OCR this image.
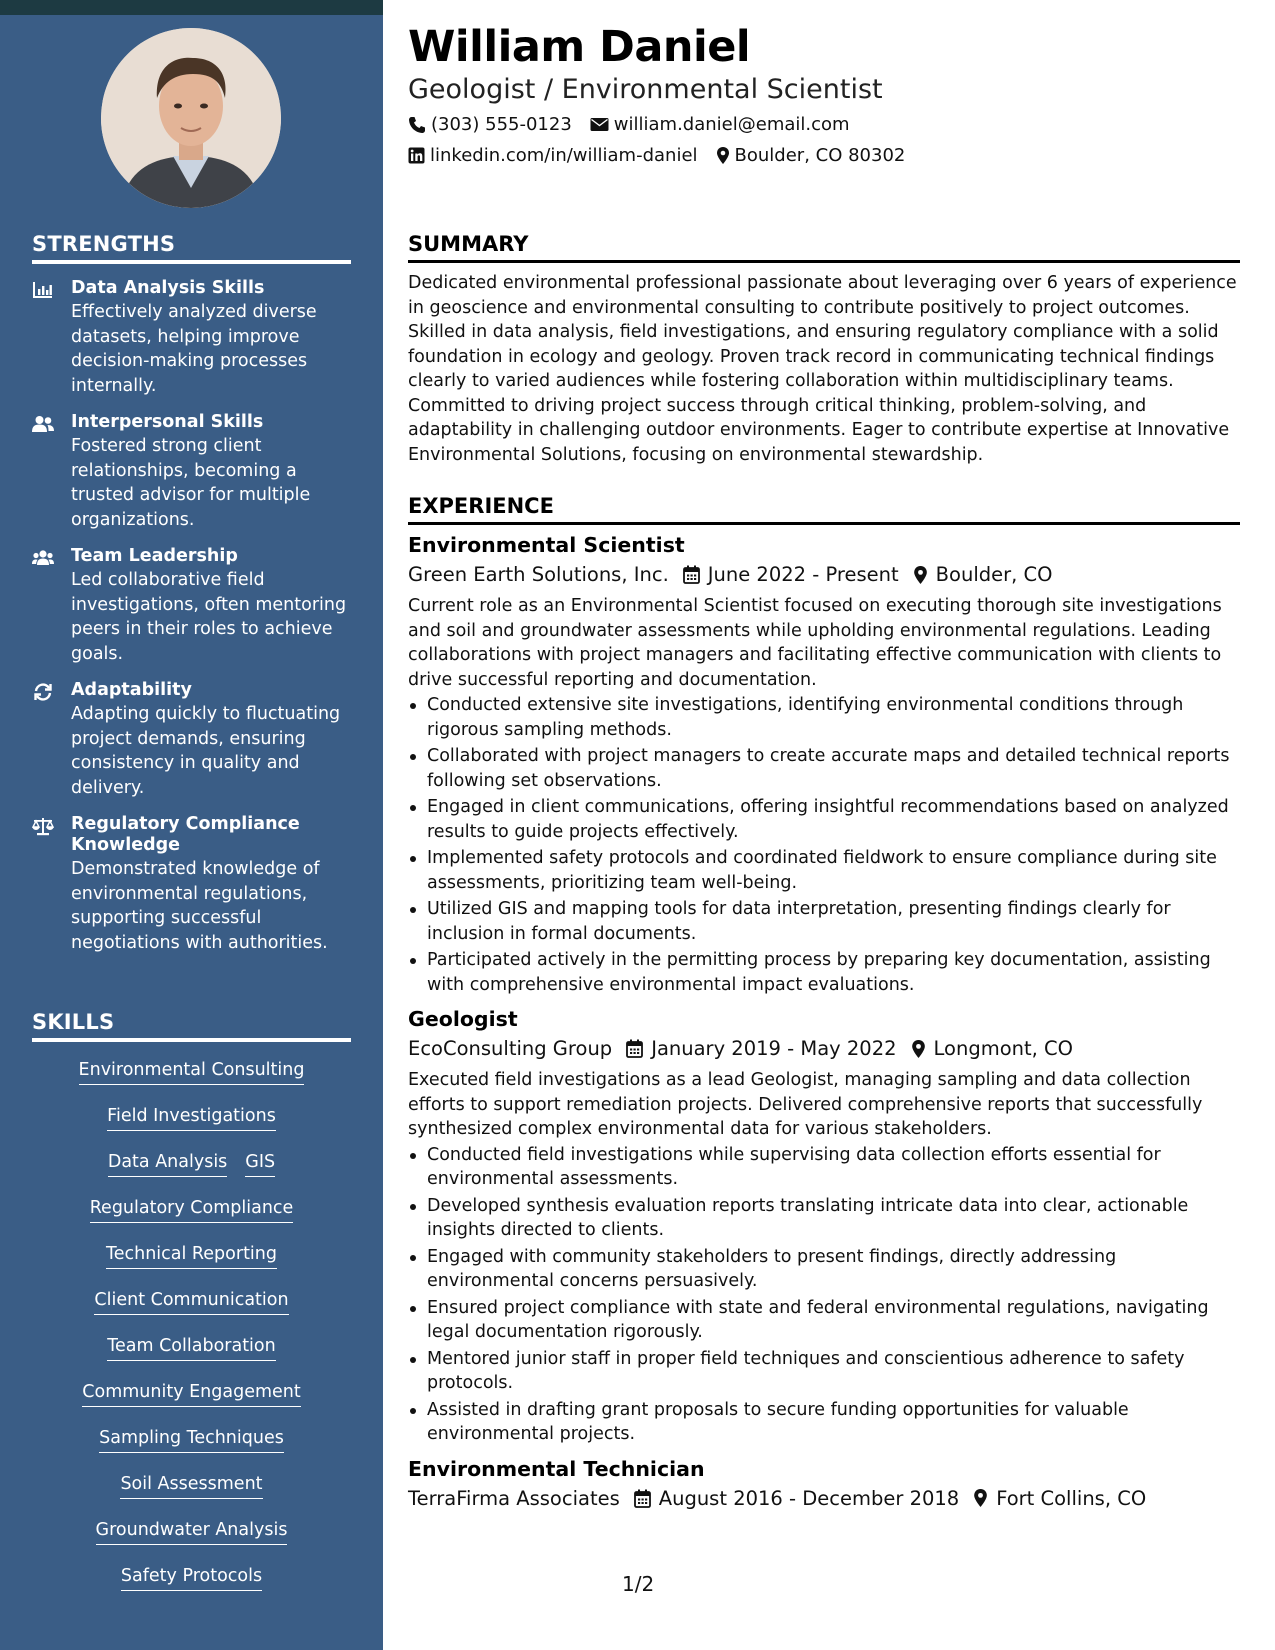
STRENGTHS
Data Analysis Skills
Effectively analyzed diverse datasets, helping improve decision-making processes internally.
Interpersonal Skills
Fostered strong client relationships, becoming a trusted advisor for multiple organizations.
Team Leadership
Led collaborative field investigations, often mentoring peers in their roles to achieve goals.
Adaptability
Adapting quickly to fluctuating project demands, ensuring consistency in quality and delivery.
Regulatory Compliance Knowledge
Demonstrated knowledge of environmental regulations, supporting successful negotiations with authorities.
SKILLS
Environmental Consulting
Field Investigations
Data Analysis GIS
Regulatory Compliance
Technical Reporting
Client Communication
Team Collaboration
Community Engagement
Sampling Techniques
Soil Assessment
Groundwater Analysis
Safety Protocols
William Daniel
Geologist / Environmental Scientist
(303) 555-0123 william.daniel@email.com
linkedin.com/in/william-daniel Boulder, CO 80302
SUMMARY
Dedicated environmental professional passionate about leveraging over 6 years of experience in geoscience and environmental consulting to contribute positively to project outcomes. Skilled in data analysis, field investigations, and ensuring regulatory compliance with a solid foundation in ecology and geology. Proven track record in communicating technical findings clearly to varied audiences while fostering collaboration within multidisciplinary teams. Committed to driving project success through critical thinking, problem-solving, and adaptability in challenging outdoor environments. Eager to contribute expertise at Innovative Environmental Solutions, focusing on environmental stewardship.
EXPERIENCE
Environmental Scientist
Green Earth Solutions, Inc. June 2022 - Present Boulder, CO
Current role as an Environmental Scientist focused on executing thorough site investigations and soil and groundwater assessments while upholding environmental regulations. Leading collaborations with project managers and facilitating effective communication with clients to drive successful reporting and documentation.
Conducted extensive site investigations, identifying environmental conditions through rigorous sampling methods.
Collaborated with project managers to create accurate maps and detailed technical reports following set observations.
Engaged in client communications, offering insightful recommendations based on analyzed results to guide projects effectively.
Implemented safety protocols and coordinated fieldwork to ensure compliance during site assessments, prioritizing team well-being.
Utilized GIS and mapping tools for data interpretation, presenting findings clearly for inclusion in formal documents.
Participated actively in the permitting process by preparing key documentation, assisting with comprehensive environmental impact evaluations.
Geologist
EcoConsulting Group January 2019 - May 2022 Longmont, CO
Executed field investigations as a lead Geologist, managing sampling and data collection efforts to support remediation projects. Delivered comprehensive reports that successfully synthesized complex environmental data for various stakeholders.
Conducted field investigations while supervising data collection efforts essential for environmental assessments.
Developed synthesis evaluation reports translating intricate data into clear, actionable insights directed to clients.
Engaged with community stakeholders to present findings, directly addressing environmental concerns persuasively.
Ensured project compliance with state and federal environmental regulations, navigating legal documentation rigorously.
Mentored junior staff in proper field techniques and conscientious adherence to safety protocols.
Assisted in drafting grant proposals to secure funding opportunities for valuable environmental projects.
Environmental Technician
TerraFirma Associates August 2016 - December 2018 Fort Collins, CO
1/2
